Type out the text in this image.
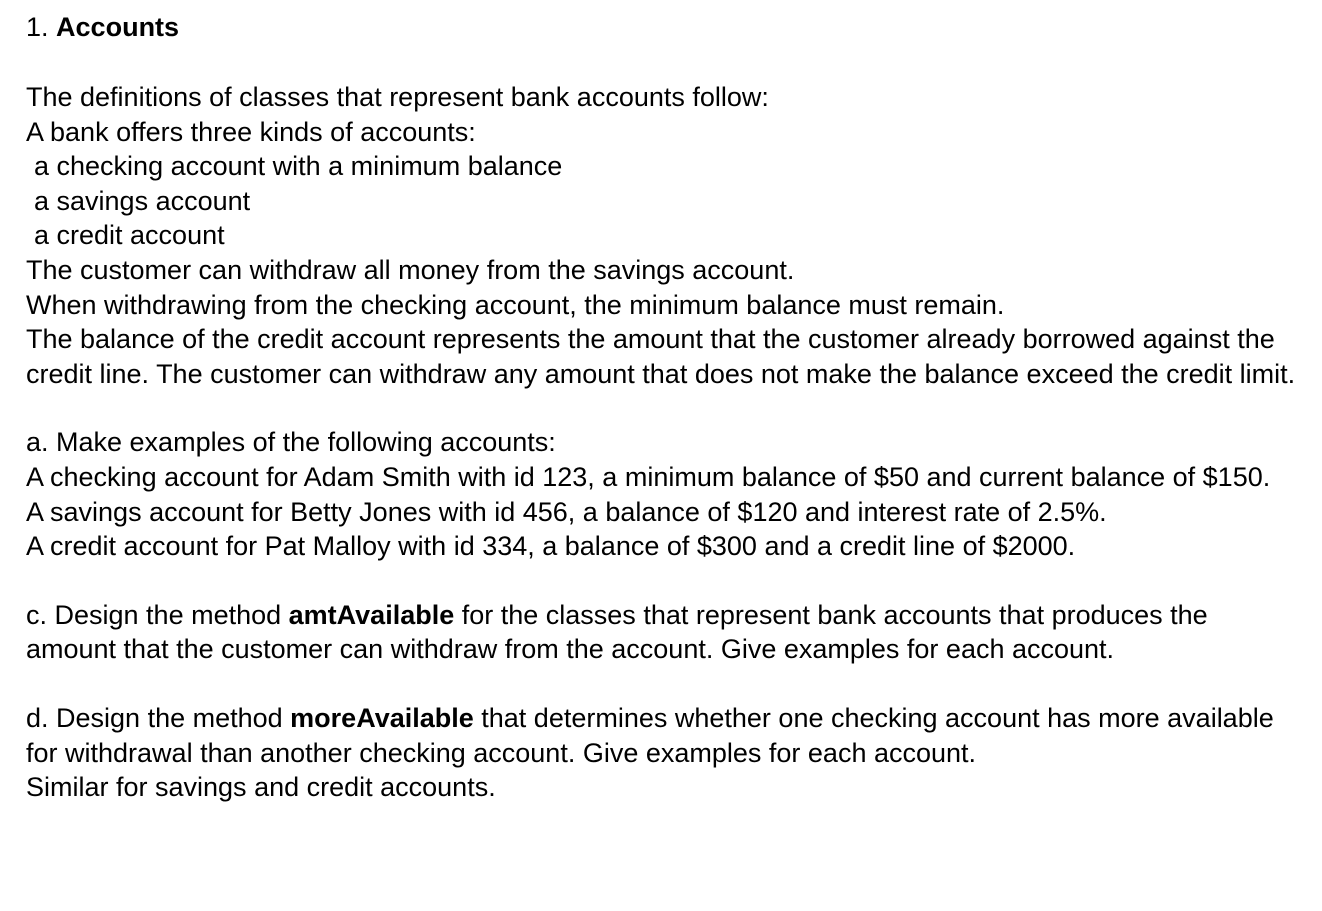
1. Accounts
The definitions of classes that represent bank accounts follow:
A bank offers three kinds of accounts:
a checking account with a minimum balance
a savings account
a credit account
The customer can withdraw all money from the savings account.
When withdrawing from the checking account, the minimum balance must remain.
The balance of the credit account represents the amount that the customer already borrowed against the credit line. The customer can withdraw any amount that does not make the balance exceed the credit limit.
a. Make examples of the following accounts:
A checking account for Adam Smith with id 123, a minimum balance of $50 and current balance of $150.
A savings account for Betty Jones with id 456, a balance of $120 and interest rate of 2.5%.
A credit account for Pat Malloy with id 334, a balance of $300 and a credit line of $2000.
c. Design the method amtAvailable for the classes that represent bank accounts that produces the amount that the customer can withdraw from the account. Give examples for each account.
d. Design the method moreAvailable that determines whether one checking account has more available for withdrawal than another checking account. Give examples for each account.
Similar for savings and credit accounts.
